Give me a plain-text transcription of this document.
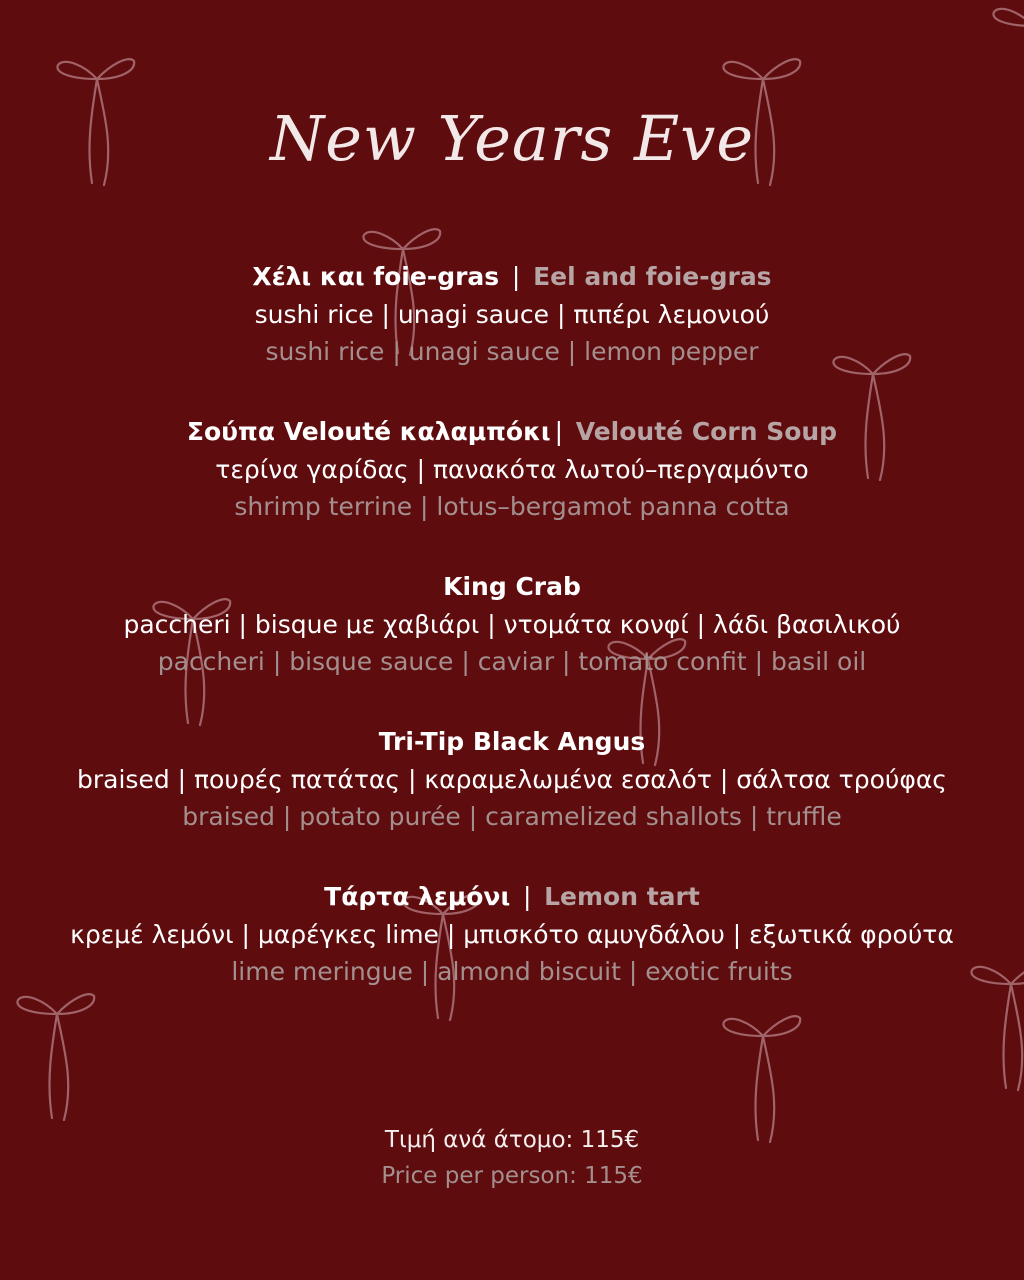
New Years Eve
Χέλι και foie-gras | Eel and foie-gras
sushi rice | unagi sauce | πιπέρι λεμονιού
sushi rice | unagi sauce | lemon pepper
Σούπα Velouté καλαμπόκι | Velouté Corn Soup
τερίνα γαρίδας | πανακότα λωτού–περγαμόντο
shrimp terrine | lotus–bergamot panna cotta
King Crab
paccheri | bisque με χαβιάρι | ντομάτα κονφί | λάδι βασιλικού
paccheri | bisque sauce | caviar | tomato confit | basil oil
Tri-Tip Black Angus
braised | πουρές πατάτας | καραμελωμένα εσαλότ | σάλτσα τρούφας
braised | potato purée | caramelized shallots | truffle
Τάρτα λεμόνι | Lemon tart
κρεμέ λεμόνι | μαρέγκες lime | μπισκότο αμυγδάλου | εξωτικά φρούτα
lime meringue | almond biscuit | exotic fruits
Τιμή ανά άτομο: 115€
Price per person: 115€
